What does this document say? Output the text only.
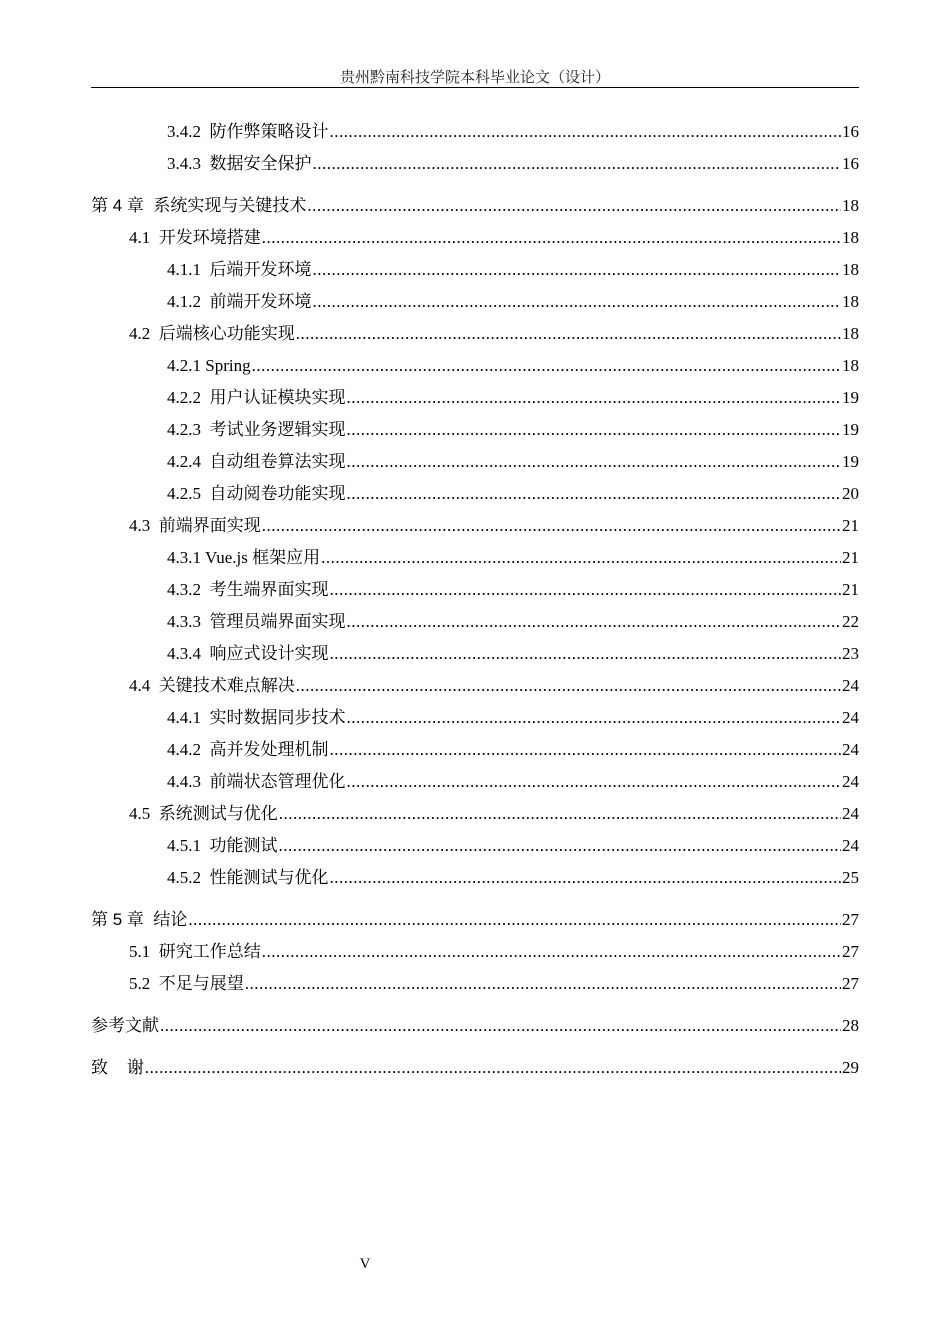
贵州黔南科技学院本科毕业论文（设计）
3.4.2  防作弊策略设计 .....	16
3.4.3  数据安全保护 .....	16
第 4 章  系统实现与关键技术 .....	18
4.1  开发环境搭建 .....	18
4.1.1  后端开发环境 .....	18
4.1.2  前端开发环境 .....	18
4.2  后端核心功能实现 .....	18
4.2.1 Spring .....	18
4.2.2  用户认证模块实现 .....	19
4.2.3  考试业务逻辑实现 .....	19
4.2.4  自动组卷算法实现 .....	19
4.2.5  自动阅卷功能实现 .....	20
4.3  前端界面实现 .....	21
4.3.1 Vue.js 框架应用 .....	21
4.3.2  考生端界面实现 .....	21
4.3.3  管理员端界面实现 .....	22
4.3.4  响应式设计实现 .....	23
4.4  关键技术难点解决 .....	24
4.4.1  实时数据同步技术 .....	24
4.4.2  高并发处理机制 .....	24
4.4.3  前端状态管理优化 .....	24
4.5  系统测试与优化 .....	24
4.5.1  功能测试 .....	24
4.5.2  性能测试与优化 .....	25
第 5 章  结论 .....	27
5.1  研究工作总结 .....	27
5.2  不足与展望 .....	27
参考文献 .....	28
致    谢 .....	29
V
